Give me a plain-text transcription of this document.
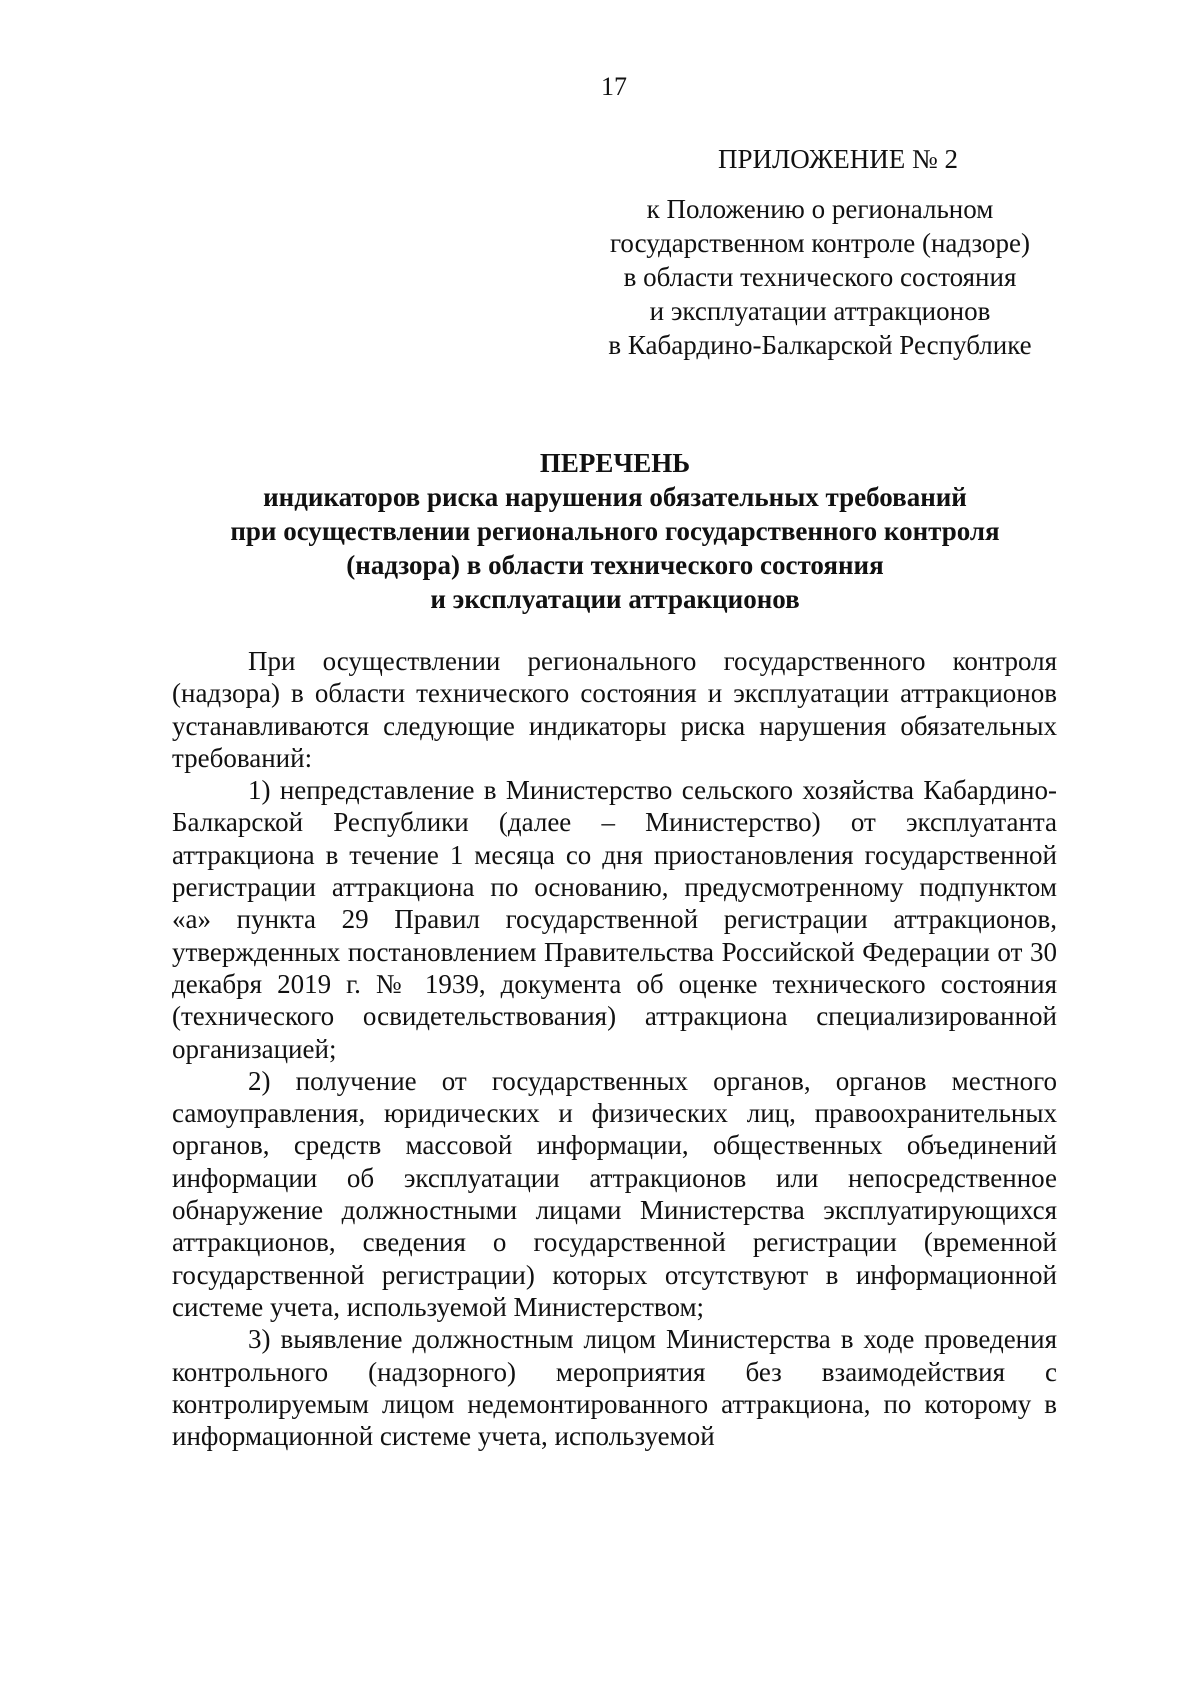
17
ПРИЛОЖЕНИЕ № 2
к Положению о региональном
государственном контроле (надзоре)
в области технического состояния
и эксплуатации аттракционов
в Кабардино-Балкарской Республике
ПЕРЕЧЕНЬ
индикаторов риска нарушения обязательных требований
при осуществлении регионального государственного контроля
(надзора) в области технического состояния
и эксплуатации аттракционов

При осуществлении регионального государственного контроля (надзора) в области технического состояния и эксплуатации аттракционов устанавливаются следующие индикаторы риска нарушения обязательных требований:

1) непредставление в Министерство сельского хозяйства Кабардино-Балкарской Республики (далее – Министерство) от эксплуатанта аттракциона в течение 1 месяца со дня приостановления государственной регистрации аттракциона по основанию, предусмотренному подпунктом «а» пункта 29 Правил государственной регистрации аттракционов, утвержденных постановлением Правительства Российской Федерации от 30 декабря 2019 г. № 1939, документа об оценке технического состояния (технического освидетельствования) аттракциона специализированной организацией;

2) получение от государственных органов, органов местного самоуправления, юридических и физических лиц, правоохранительных органов, средств массовой информации, общественных объединений информации об эксплуатации аттракционов или непосредственное обнаружение должностными лицами Министерства эксплуатирующихся аттракционов, сведения о государственной регистрации (временной государственной регистрации) которых отсутствуют в информационной системе учета, используемой Министерством;

3) выявление должностным лицом Министерства в ходе проведения контрольного (надзорного) мероприятия без взаимодействия с контролируемым лицом недемонтированного аттракциона, по которому в информационной системе учета, используемой
